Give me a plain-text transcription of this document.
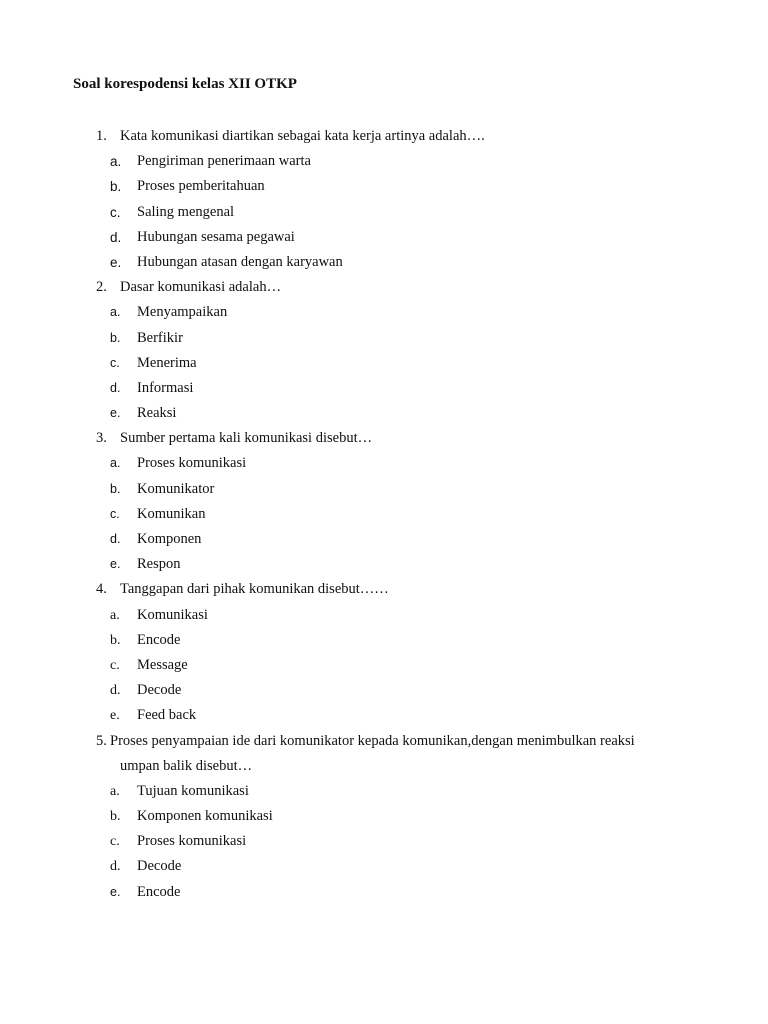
Soal korespodensi kelas XII OTKP
1. Kata komunikasi diartikan sebagai kata kerja artinya adalah….
a. Pengiriman penerimaan warta
b. Proses pemberitahuan
c. Saling mengenal
d. Hubungan sesama pegawai
e. Hubungan atasan dengan karyawan
2. Dasar komunikasi adalah…
a. Menyampaikan
b. Berfikir
c. Menerima
d. Informasi
e. Reaksi
3. Sumber pertama kali komunikasi disebut…
a. Proses komunikasi
b. Komunikator
c. Komunikan
d. Komponen
e. Respon
4. Tanggapan dari pihak komunikan disebut……
a. Komunikasi
b. Encode
c. Message
d. Decode
e. Feed back
5. Proses penyampaian ide dari komunikator kepada komunikan,dengan menimbulkan reaksi
umpan balik disebut…
a. Tujuan komunikasi
b. Komponen komunikasi
c. Proses komunikasi
d. Decode
e. Encode
